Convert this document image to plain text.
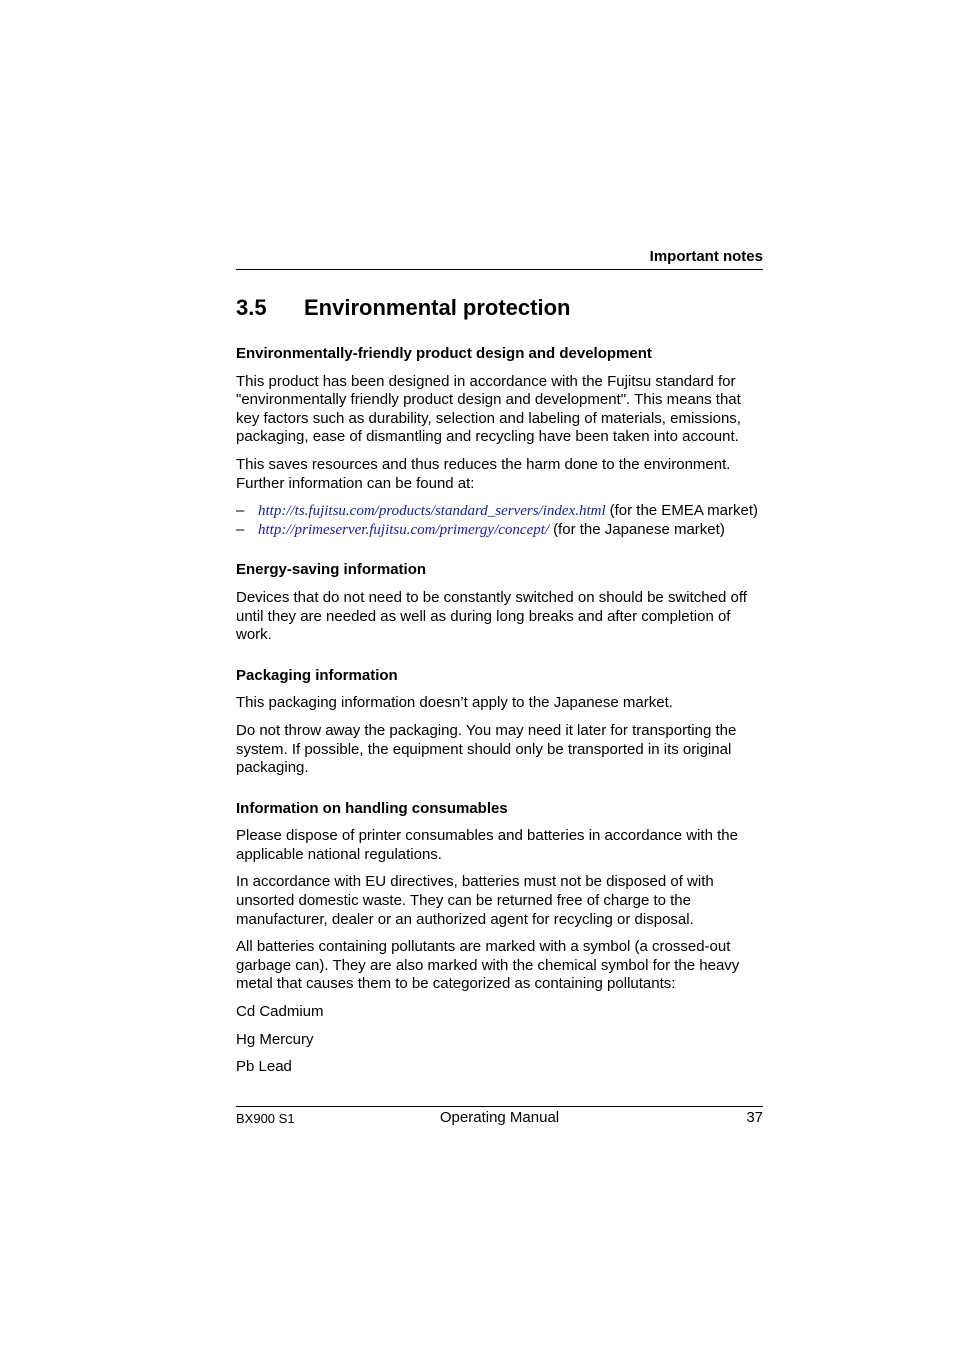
Important notes
3.5 Environmental protection
Environmentally-friendly product design and development

This product has been designed in accordance with the Fujitsu standard for "environmentally friendly product design and development". This means that key factors such as durability, selection and labeling of materials, emissions, packaging, ease of dismantling and recycling have been taken into account.

This saves resources and thus reduces the harm done to the environment. Further information can be found at:

– http://ts.fujitsu.com/products/standard_servers/index.html (for the EMEA market)
– http://primeserver.fujitsu.com/primergy/concept/ (for the Japanese market)
Energy-saving information

Devices that do not need to be constantly switched on should be switched off until they are needed as well as during long breaks and after completion of work.

Packaging information

This packaging information doesn’t apply to the Japanese market.

Do not throw away the packaging. You may need it later for transporting the system. If possible, the equipment should only be transported in its original packaging.

Information on handling consumables

Please dispose of printer consumables and batteries in accordance with the applicable national regulations.

In accordance with EU directives, batteries must not be disposed of with unsorted domestic waste. They can be returned free of charge to the manufacturer, dealer or an authorized agent for recycling or disposal.

All batteries containing pollutants are marked with a symbol (a crossed-out garbage can). They are also marked with the chemical symbol for the heavy metal that causes them to be categorized as containing pollutants:

Cd Cadmium

Hg Mercury

Pb Lead

BX900 S1	Operating Manual	37
